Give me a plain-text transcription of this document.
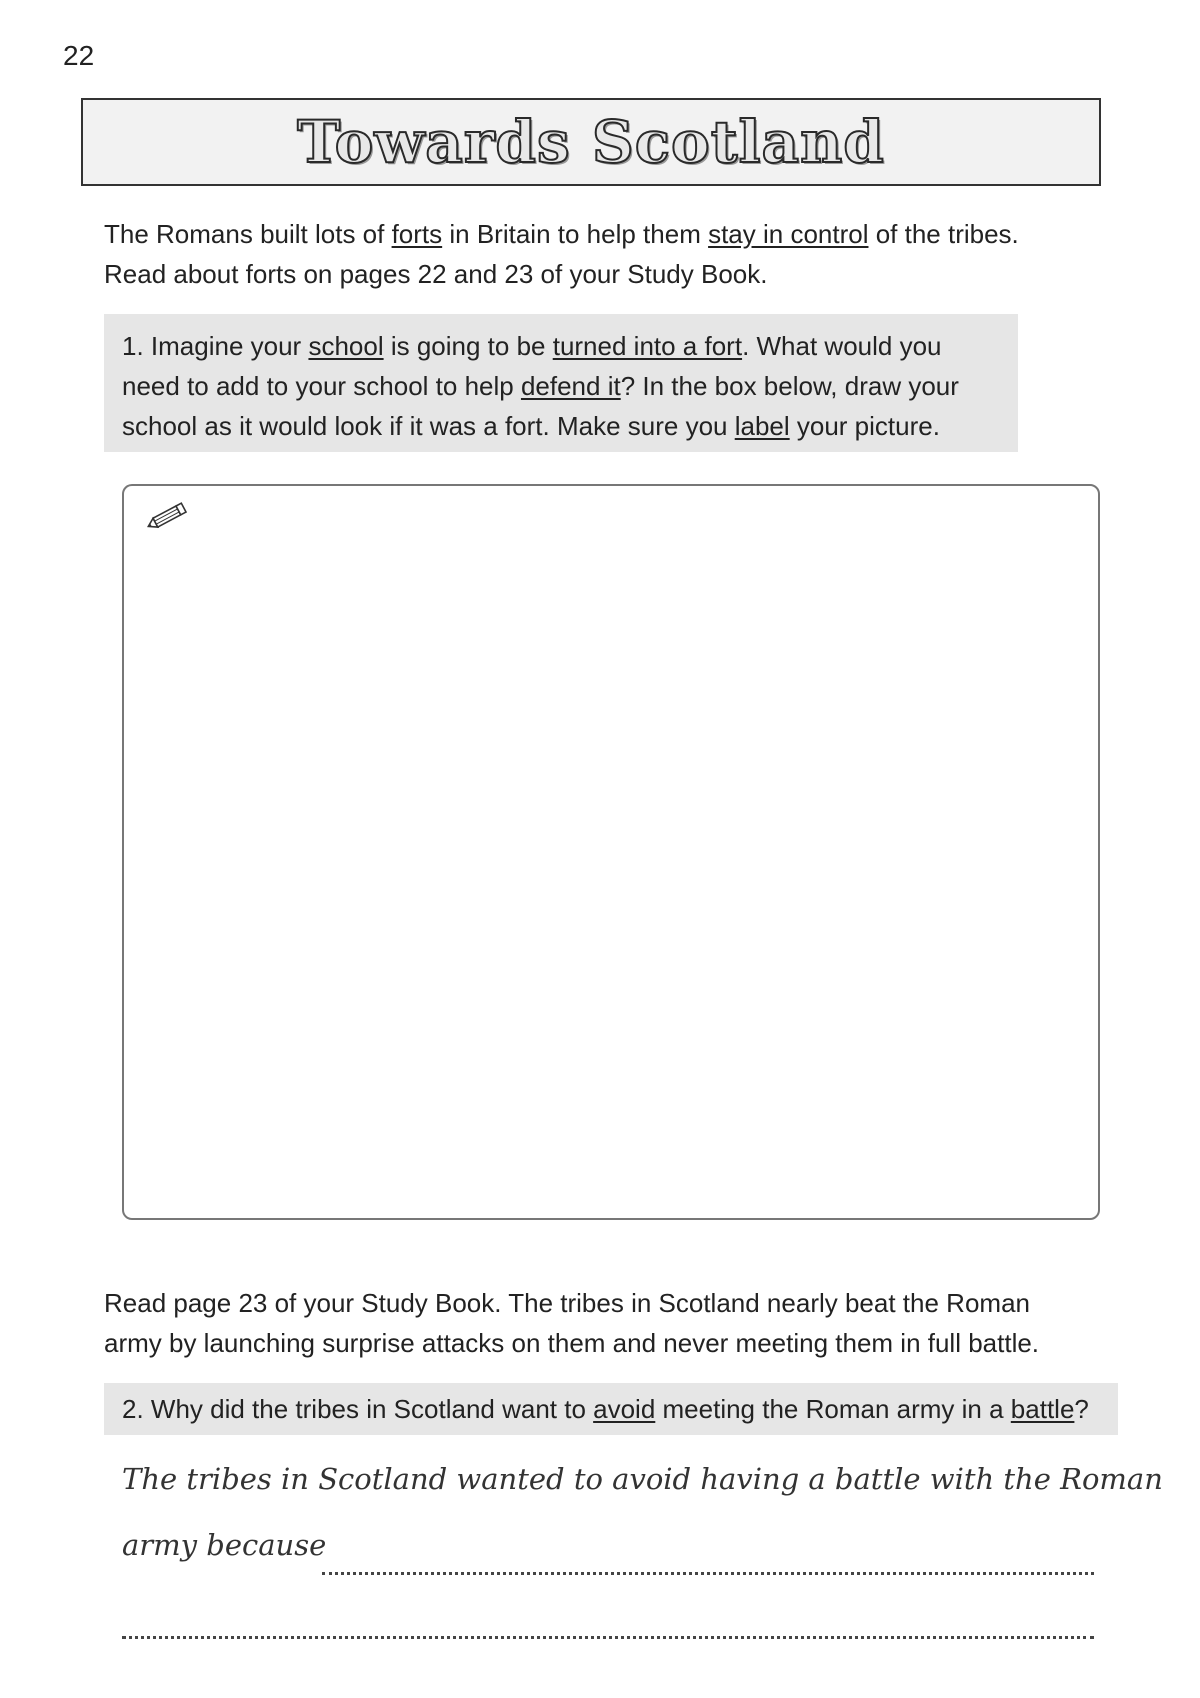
22
Towards Scotland
The Romans built lots of forts in Britain to help them stay in control of the tribes.
Read about forts on pages 22 and 23 of your Study Book.
1. Imagine your school is going to be turned into a fort. What would you
need to add to your school to help defend it? In the box below, draw your
school as it would look if it was a fort. Make sure you label your picture.
Read page 23 of your Study Book. The tribes in Scotland nearly beat the Roman
army by launching surprise attacks on them and never meeting them in full battle.
2. Why did the tribes in Scotland want to avoid meeting the Roman army in a battle?
The tribes in Scotland wanted to avoid having a battle with the Roman
army because
